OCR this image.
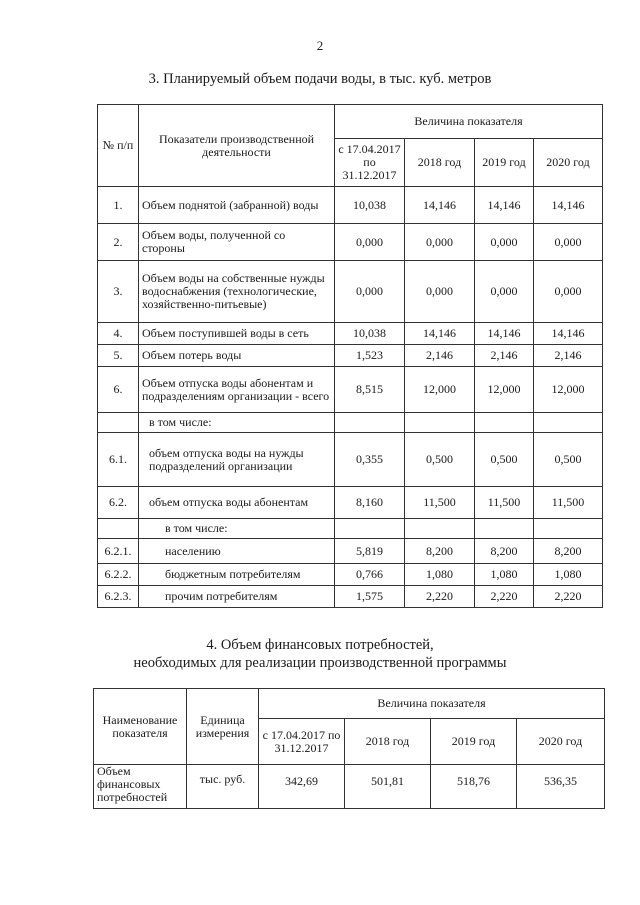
2
3. Планируемый объем подачи воды, в тыс. куб. метров
№ п/п	Показатели производственной деятельности	Величина показателя			
		с 17.04.2017 по 31.12.2017	2018 год	2019 год	2020 год
1.	Объем поднятой (забранной) воды	10,038	14,146	14,146	14,146
2.	Объем воды, полученной со стороны	0,000	0,000	0,000	0,000
3.	Объем воды на собственные нужды водоснабжения (технологические, хозяйственно-питьевые)	0,000	0,000	0,000	0,000
4.	Объем поступившей воды в сеть	10,038	14,146	14,146	14,146
5.	Объем потерь воды	1,523	2,146	2,146	2,146
6.	Объем отпуска воды абонентам и подразделениям организации - всего	8,515	12,000	12,000	12,000
	в том числе:				
6.1.	объем отпуска воды на нужды подразделений организации	0,355	0,500	0,500	0,500
6.2.	объем отпуска воды абонентам	8,160	11,500	11,500	11,500
	в том числе:				
6.2.1.	населению	5,819	8,200	8,200	8,200
6.2.2.	бюджетным потребителям	0,766	1,080	1,080	1,080
6.2.3.	прочим потребителям	1,575	2,220	2,220	2,220
4. Объем финансовых потребностей,
необходимых для реализации производственной программы
Наименование показателя	Единица измерения	Величина показателя			
		с 17.04.2017 по 31.12.2017	2018 год	2019 год	2020 год
Объем финансовых потребностей	тыс. руб.	342,69	501,81	518,76	536,35
